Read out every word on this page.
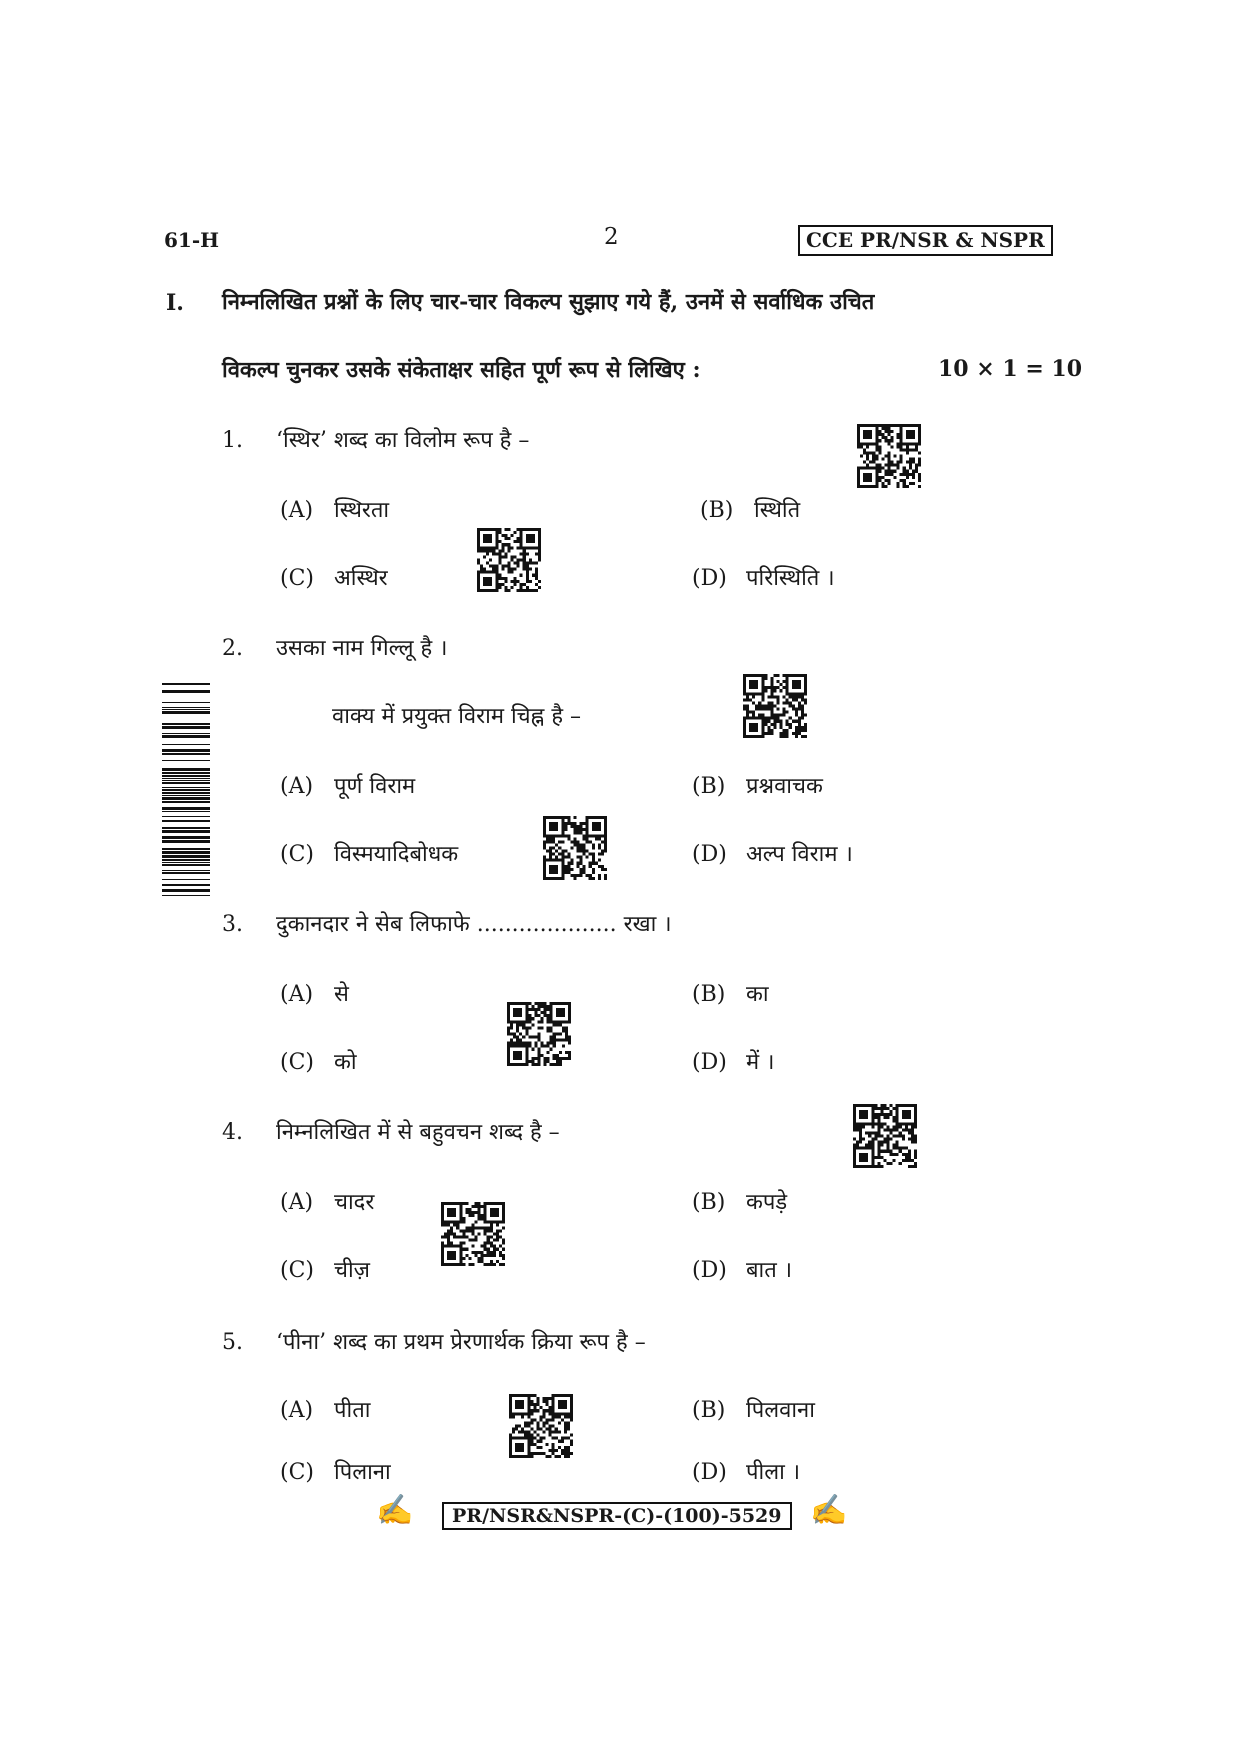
61-H	2	CCE PR/NSR & NSPR
I. निम्नलिखित प्रश्नों के लिए चार-चार विकल्प सुझाए गये हैं, उनमें से सर्वाधिक उचित
विकल्प चुनकर उसके संकेताक्षर सहित पूर्ण रूप से लिखिए :	10 × 1 = 10
1. ‘स्थिर’ शब्द का विलोम रूप है –
(A) स्थिरता	(B) स्थिति
(C) अस्थिर	(D) परिस्थिति ।
2. उसका नाम गिल्लू है ।
वाक्य में प्रयुक्त विराम चिह्न है –
(A) पूर्ण विराम	(B) प्रश्नवाचक
(C) विस्मयादिबोधक	(D) अल्प विराम ।
3. दुकानदार ने सेब लिफाफे .................... रखा ।
(A) से	(B) का
(C) को	(D) में ।
4. निम्नलिखित में से बहुवचन शब्द है –
(A) चादर	(B) कपड़े
(C) चीज़	(D) बात ।
5. ‘पीना’ शब्द का प्रथम प्रेरणार्थक क्रिया रूप है –
(A) पीता	(B) पिलवाना
(C) पिलाना	(D) पीला ।
✍	PR/NSR&NSPR-(C)-(100)-5529 ✍
